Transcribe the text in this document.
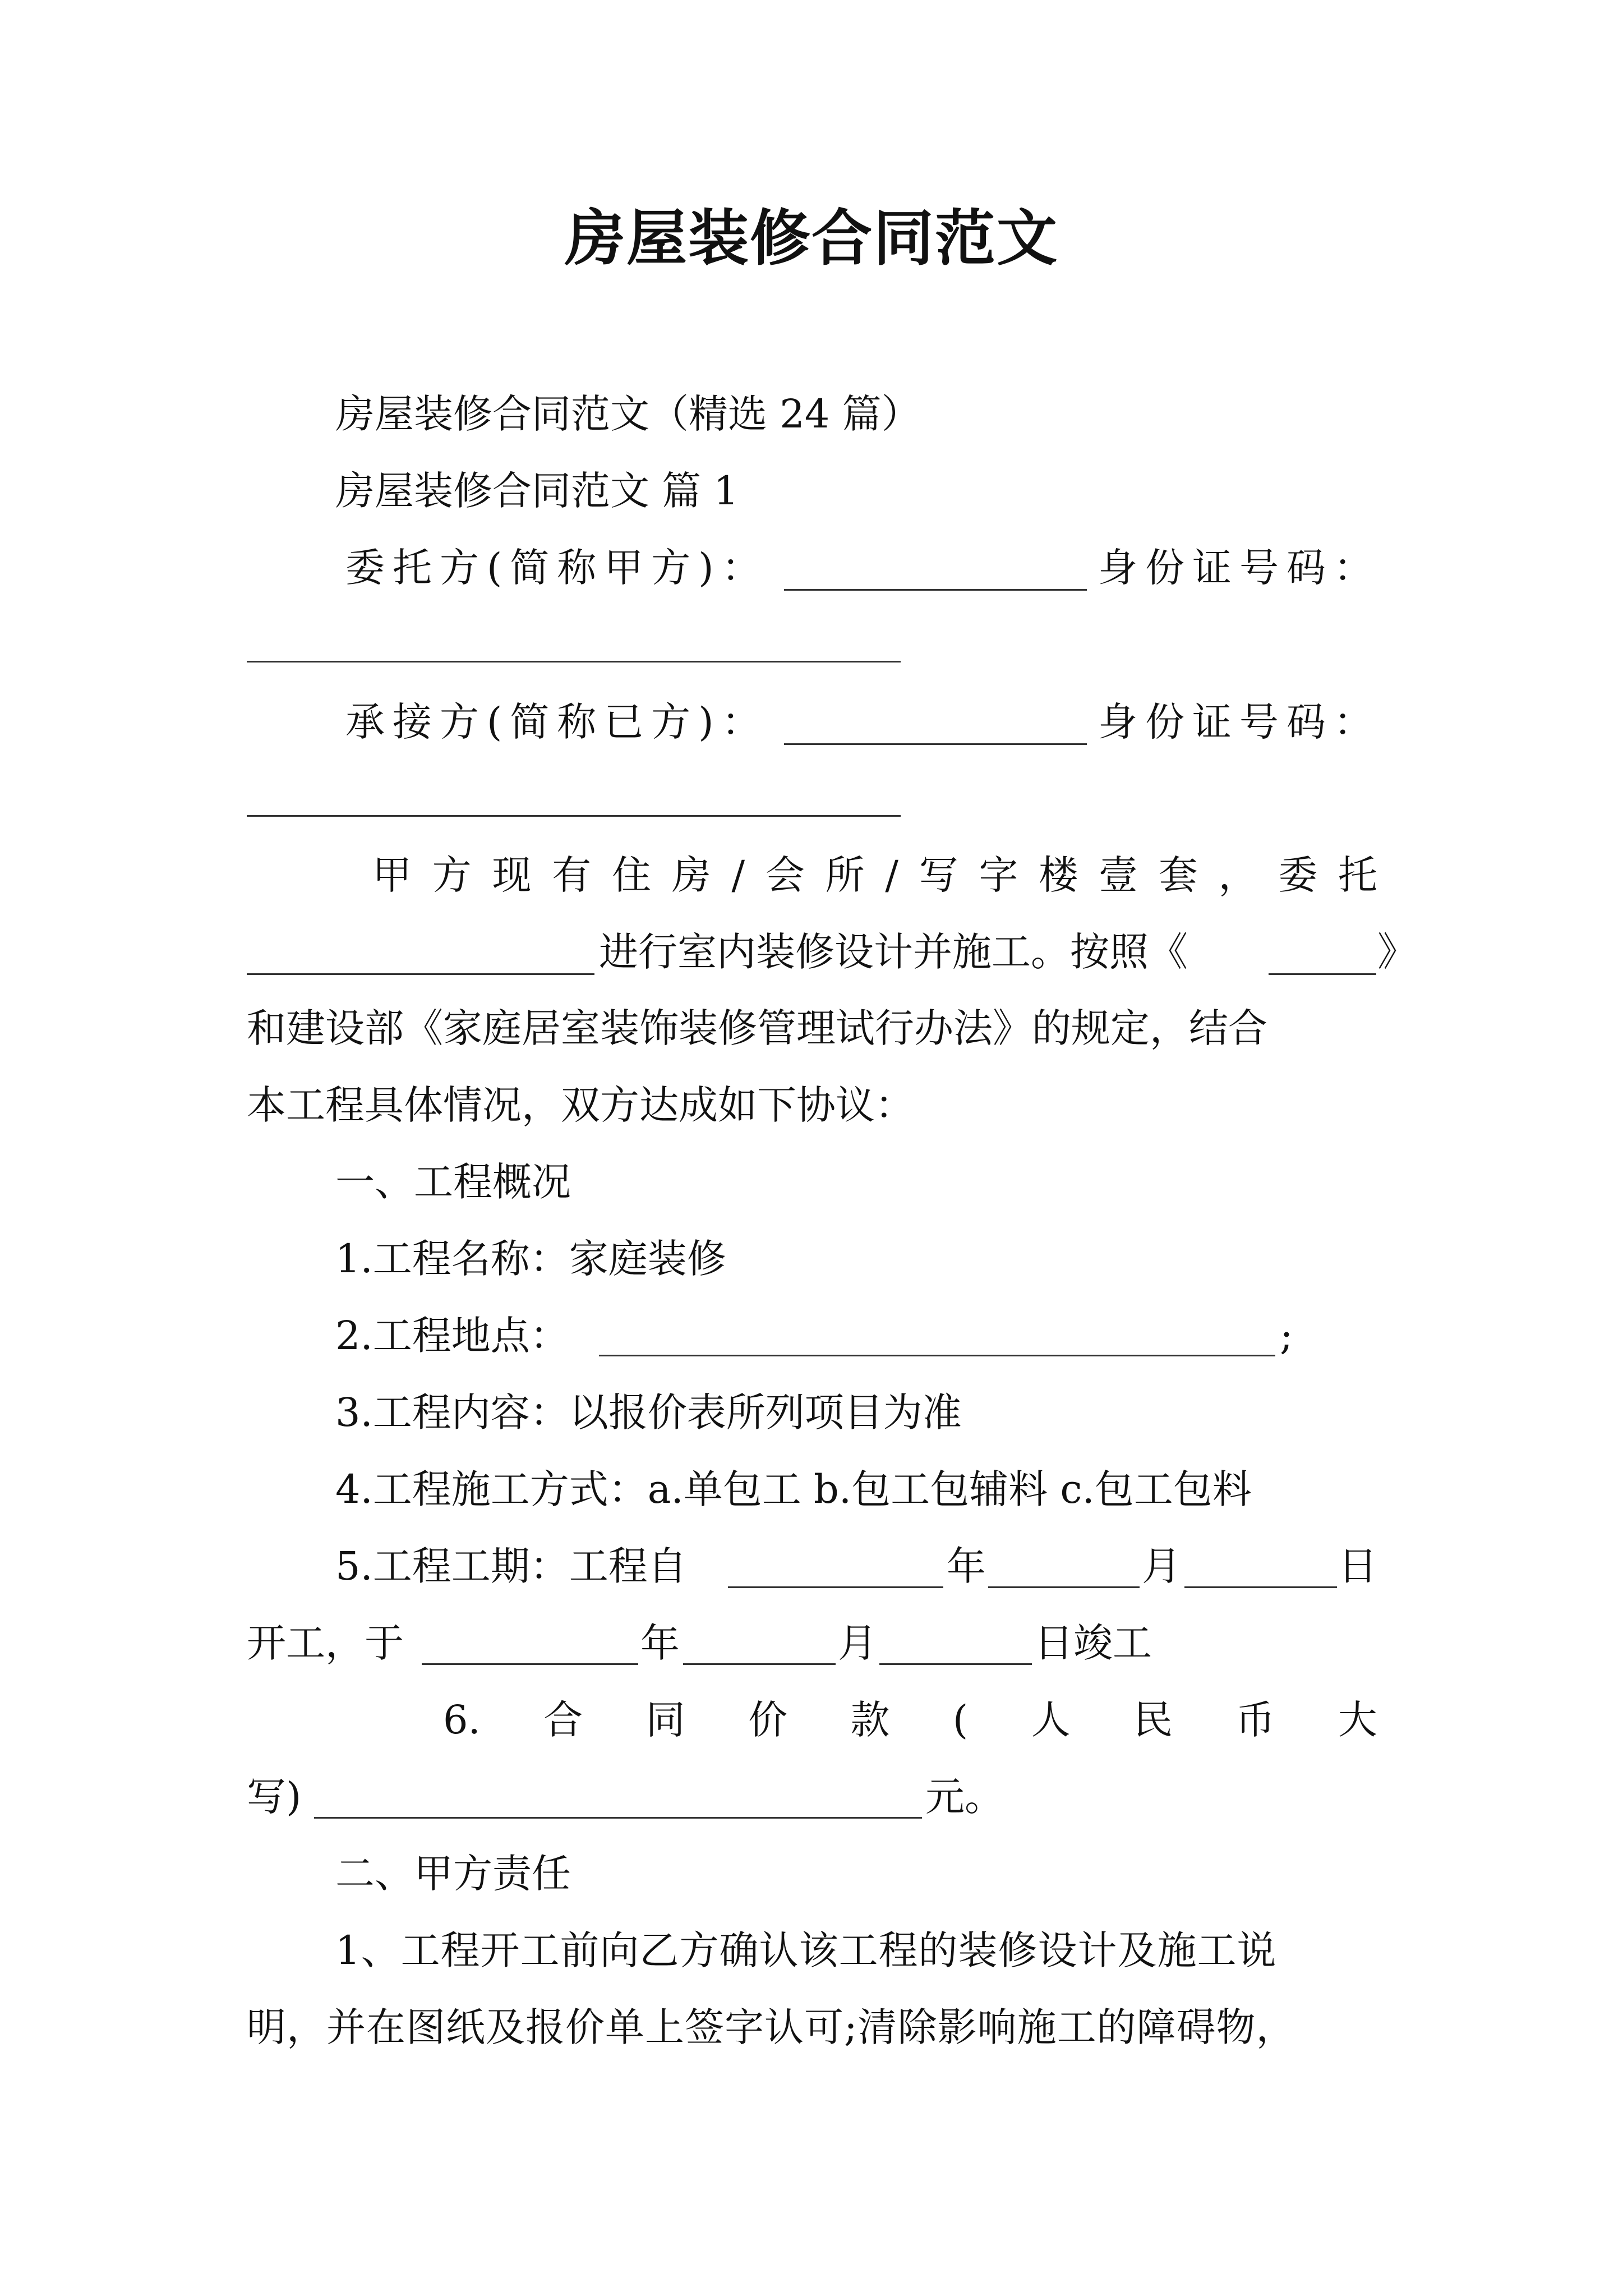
房屋装修合同范文
房屋装修合同范文（精选 24 篇）
房屋装修合同范文 篇 1
委托方(简称甲方)：	身份证号码：
承接方(简称已方)：	身份证号码：
甲 方 现 有 住 房 / 会 所 / 写 字 楼 壹 套 ， 委 托
进行室内装修设计并施工。按照《	》
和建设部《家庭居室装饰装修管理试行办法》的规定，结合
本工程具体情况，双方达成如下协议：
一、工程概况
1.工程名称：家庭装修
2.工程地点：	;
3.工程内容：以报价表所列项目为准
4.工程施工方式：a.单包工 b.包工包辅料 c.包工包料
5.工程工期：工程自	年	月	日
开工，于	年	月	日竣工
6. 合 同 价 款 ( 人 民 币 大
写)	元。
二、甲方责任
1、工程开工前向乙方确认该工程的装修设计及施工说
明，并在图纸及报价单上签字认可;清除影响施工的障碍物，
